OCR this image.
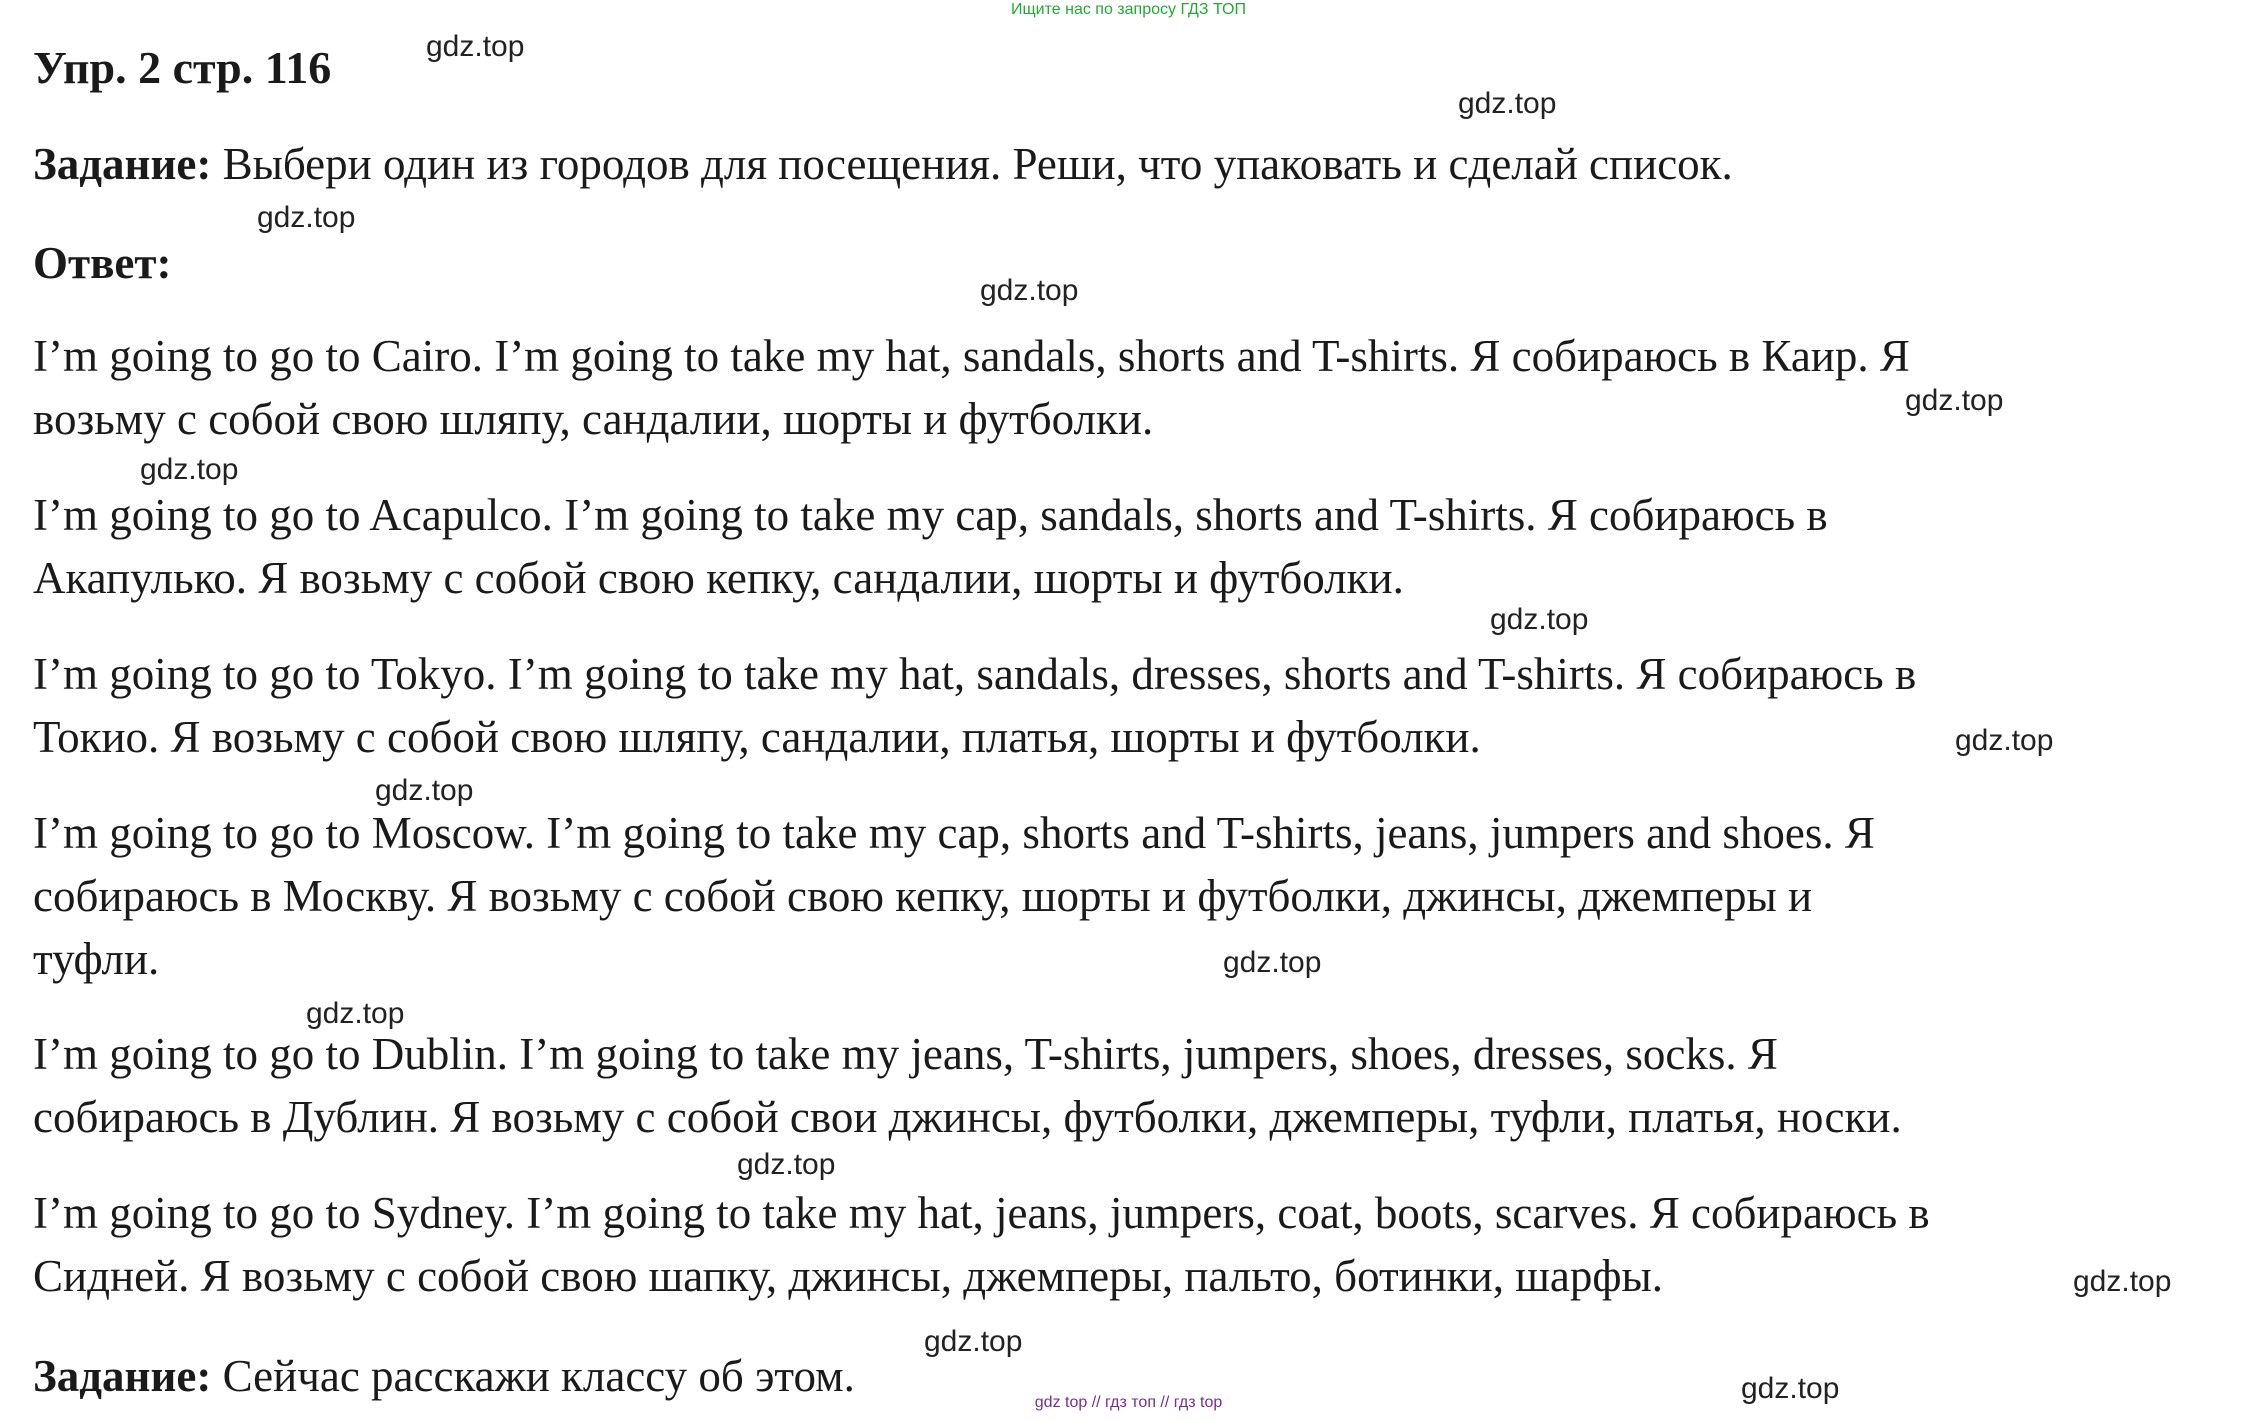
Ищите нас по запросу ГДЗ ТОП
Упр. 2 стр. 116
Задание: Выбери один из городов для посещения. Реши, что упаковать и сделай список.
Ответ:
I’m going to go to Cairo. I’m going to take my hat, sandals, shorts and T-shirts. Я собираюсь в Каир. Я
возьму с собой свою шляпу, сандалии, шорты и футболки.
I’m going to go to Acapulco. I’m going to take my cap, sandals, shorts and T-shirts. Я собираюсь в
Акапулько. Я возьму с собой свою кепку, сандалии, шорты и футболки.
I’m going to go to Tokyo. I’m going to take my hat, sandals, dresses, shorts and T-shirts. Я собираюсь в
Токио. Я возьму с собой свою шляпу, сандалии, платья, шорты и футболки.
I’m going to go to Moscow. I’m going to take my cap, shorts and T-shirts, jeans, jumpers and shoes. Я
собираюсь в Москву. Я возьму с собой свою кепку, шорты и футболки, джинсы, джемперы и
туфли.
I’m going to go to Dublin. I’m going to take my jeans, T-shirts, jumpers, shoes, dresses, socks. Я
собираюсь в Дублин. Я возьму с собой свои джинсы, футболки, джемперы, туфли, платья, носки.
I’m going to go to Sydney. I’m going to take my hat, jeans, jumpers, coat, boots, scarves. Я собираюсь в
Сидней. Я возьму с собой свою шапку, джинсы, джемперы, пальто, ботинки, шарфы.
Задание: Сейчас расскажи классу об этом.
gdz.top
gdz.top
gdz.top
gdz.top
gdz.top
gdz.top
gdz.top
gdz.top
gdz.top
gdz.top
gdz.top
gdz.top
gdz.top
gdz.top
gdz.top
gdz top // гдз топ // гдз top
